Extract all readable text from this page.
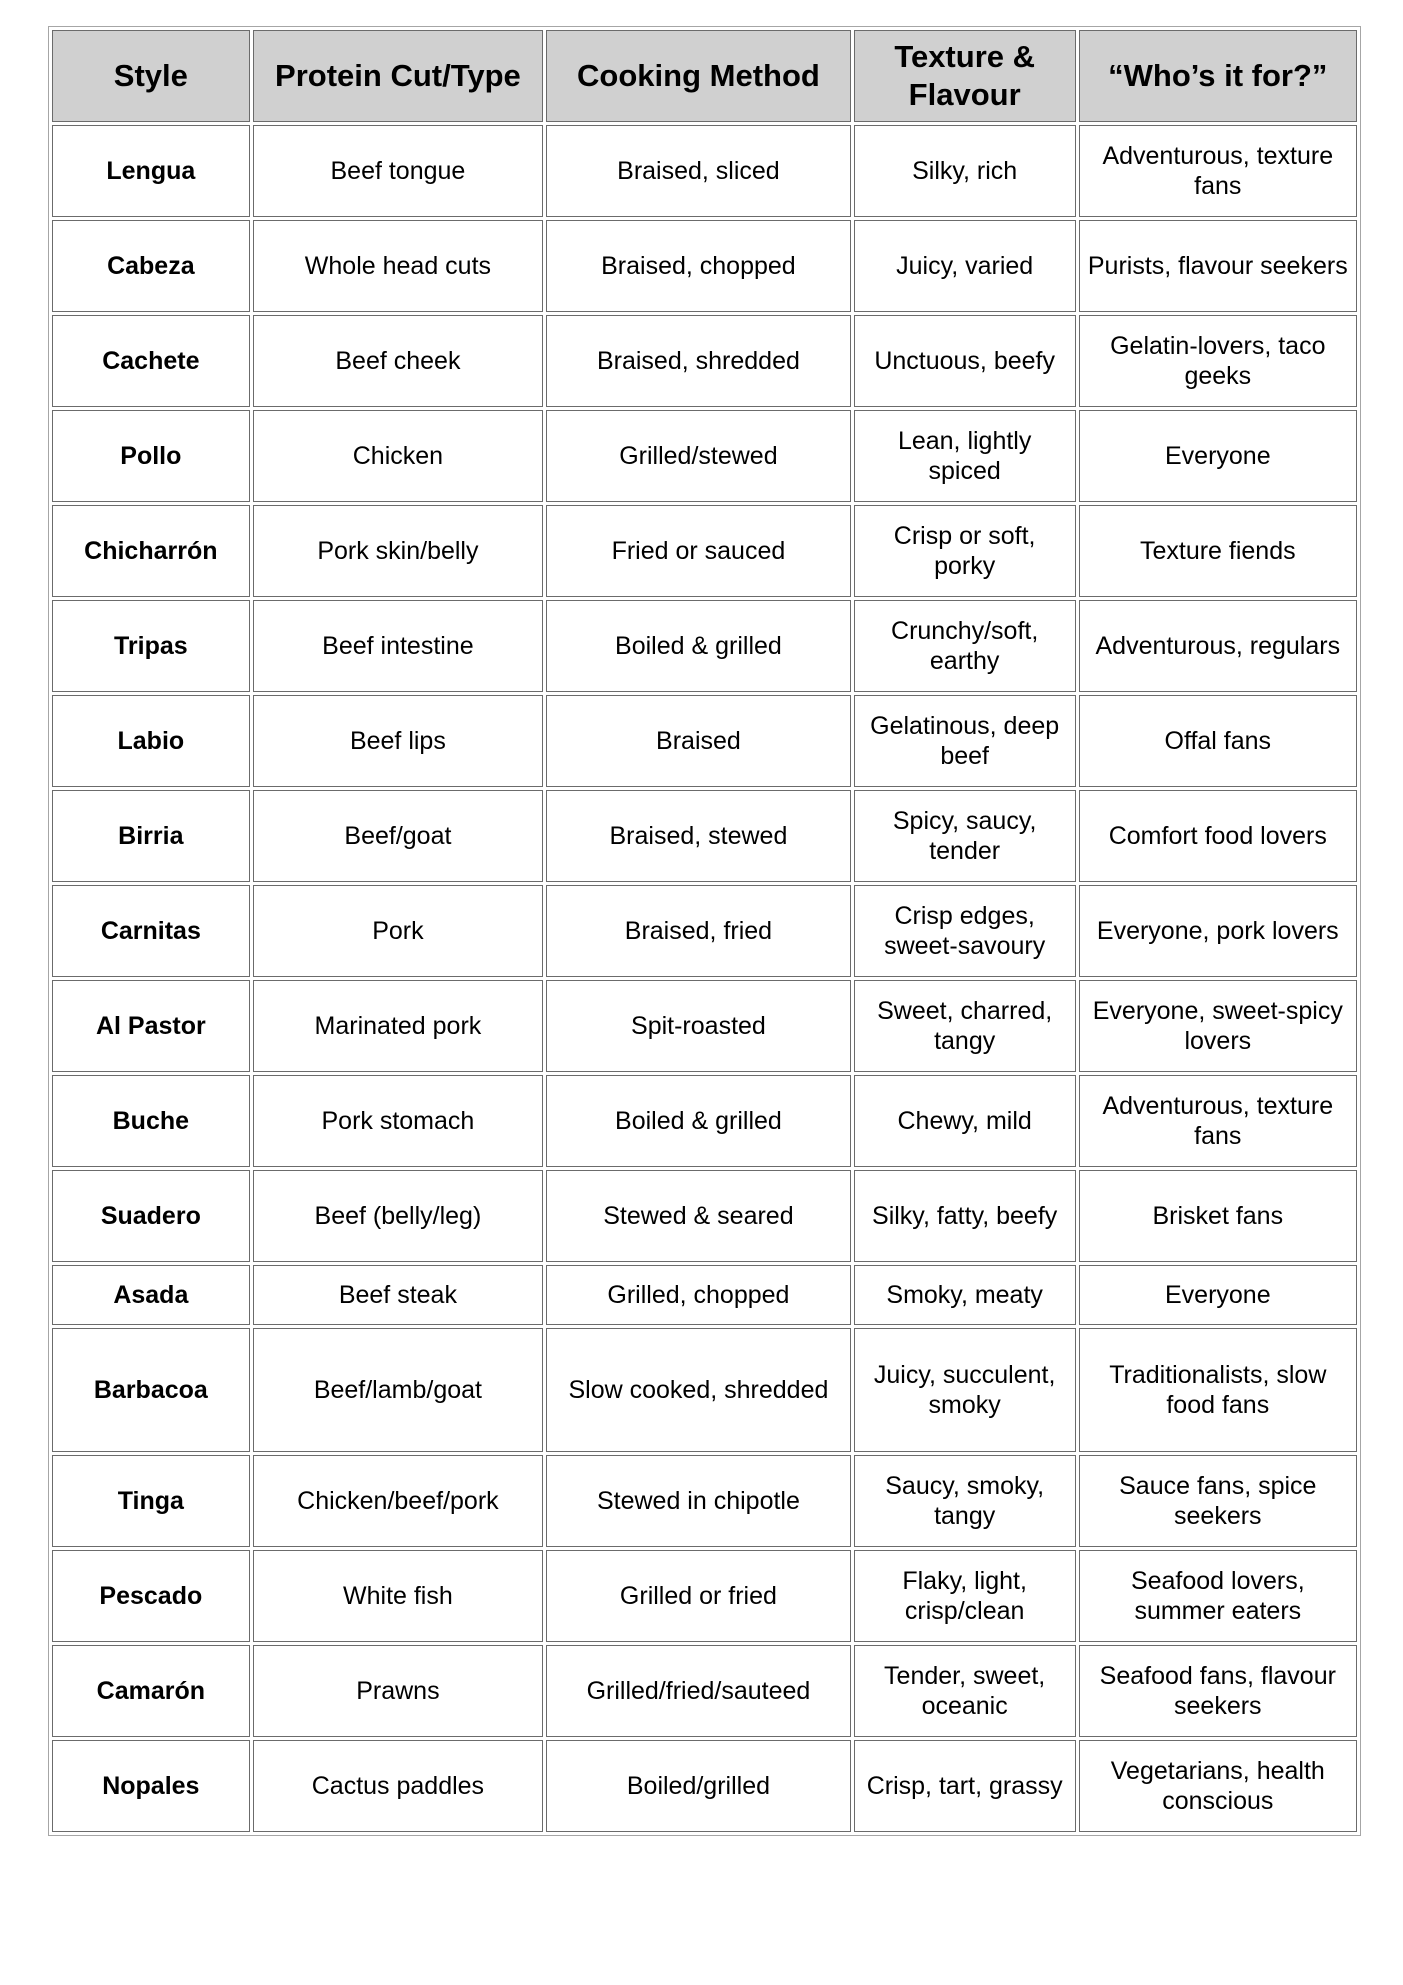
Style	Protein Cut/Type	Cooking Method	Texture & Flavour	“Who’s it for?”
Lengua	Beef tongue	Braised, sliced	Silky, rich	Adventurous, texture fans
Cabeza	Whole head cuts	Braised, chopped	Juicy, varied	Purists, flavour seekers
Cachete	Beef cheek	Braised, shredded	Unctuous, beefy	Gelatin-lovers, taco geeks
Pollo	Chicken	Grilled/stewed	Lean, lightly spiced	Everyone
Chicharrón	Pork skin/belly	Fried or sauced	Crisp or soft, porky	Texture fiends
Tripas	Beef intestine	Boiled & grilled	Crunchy/soft, earthy	Adventurous, regulars
Labio	Beef lips	Braised	Gelatinous, deep beef	Offal fans
Birria	Beef/goat	Braised, stewed	Spicy, saucy, tender	Comfort food lovers
Carnitas	Pork	Braised, fried	Crisp edges, sweet-savoury	Everyone, pork lovers
Al Pastor	Marinated pork	Spit-roasted	Sweet, charred, tangy	Everyone, sweet-spicy lovers
Buche	Pork stomach	Boiled & grilled	Chewy, mild	Adventurous, texture fans
Suadero	Beef (belly/leg)	Stewed & seared	Silky, fatty, beefy	Brisket fans
Asada	Beef steak	Grilled, chopped	Smoky, meaty	Everyone
Barbacoa	Beef/lamb/goat	Slow cooked, shredded	Juicy, succulent, smoky	Traditionalists, slow food fans
Tinga	Chicken/beef/pork	Stewed in chipotle	Saucy, smoky, tangy	Sauce fans, spice seekers
Pescado	White fish	Grilled or fried	Flaky, light, crisp/clean	Seafood lovers, summer eaters
Camarón	Prawns	Grilled/fried/sauteed	Tender, sweet, oceanic	Seafood fans, flavour seekers
Nopales	Cactus paddles	Boiled/grilled	Crisp, tart, grassy	Vegetarians, health conscious
